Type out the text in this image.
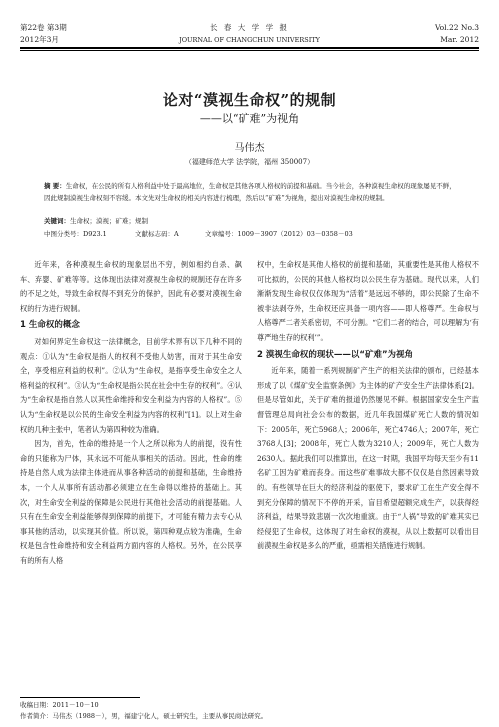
第22卷 第3期
2012年3月
长 春 大 学 学 报
JOURNAL OF CHANGCHUN UNIVERSITY
Vol.22 No.3
Mar. 2012
论对“漠视生命权”的规制
——以“矿难”为视角
马伟杰
（福建师范大学 法学院，福州 350007）
摘 要：生命权，在公民的所有人格利益中处于最高地位，生命权是其他各项人格权的前提和基础。当今社会，各种漠视生命权的现象屡见不鲜，因此规制漠视生命权刻不容缓。本文先对生命权的相关内容进行梳理，然后以“矿难”为视角，提出对漠视生命权的规制。
关键词：生命权；漠视；矿难；规制
中图分类号：D923.1	文献标志码：A	文章编号：1009－3907（2012）03－0358－03

近年来，各种漠视生命权的现象层出不穷，例如相约自杀、飙车、弃婴、矿难等等。这体现出法律对漠视生命权的规制还存在许多的不足之处，导致生命权得不到充分的保护，因此有必要对漠视生命权的行为进行规制。

1 生命权的概念

对如何界定生命权这一法律概念，目前学术界有以下几种不同的观点：①认为“生命权是指人的权利不受他人妨害，而对于其生命安全，享受相应利益的权利”。②认为“生命权，是指享受生命安全之人格利益的权利”。③认为“生命权是指公民在社会中生存的权利”。④认为“生命权是指自然人以其性命维持和安全利益为内容的人格权”。⑤认为“生命权是以公民的生命安全利益为内容的权利”[1]。以上对生命权的几种主张中，笔者认为第四种较为准确。

因为，首先，性命的维持是一个人之所以称为人的前提，没有性命的只能称为尸体，其永远不可能从事相关的活动。因此，性命的维持是自然人成为法律主体进而从事各种活动的前提和基础，生命维持本，一个人从事所有活动都必须建立在生命得以维持的基础上。其次，对生命安全利益的保障是公民进行其他社会活动的前提基础。人只有在生命安全利益能够得到保障的前提下，才可能有精力去专心从事其他的活动，以实现其价值。所以说，第四种观点较为准确，生命权是包含性命维持和安全利益两方面内容的人格权。另外，在公民享有的所有人格

权中，生命权是其他人格权的前提和基础，其重要性是其他人格权不可比拟的，公民的其他人格权均以公民生存为基础。现代以来，人们渐渐发现生命权仅仅体现为“活着”是远远不够的，即公民除了生命不被非法剥夺外，生命权还应具备一项内容——即人格尊严。生命权与人格尊严二者关系密切，不可分割。“它们二者的结合，可以理解为‘有尊严地生存的权利’”。

2 漠视生命权的现状——以“矿难”为视角

近年来，随着一系列规制矿产生产的相关法律的颁布，已经基本形成了以《煤矿安全监察条例》为主体的矿产安全生产法律体系[2]。但是尽管如此，关于矿难的报道仍然屡见不鲜。根据国家安全生产监督管理总局向社会公布的数据，近几年我国煤矿死亡人数的情况如下：2005年，死亡5968人；2006年，死亡4746人；2007年，死亡3768人[3]；2008年，死亡人数为3210人；2009年，死亡人数为2630人。据此我们可以推算出，在这一时期，我国平均每天至少有11名矿工因为矿难而丧身。而这些矿难事故大都不仅仅是自然因素导致的。有些领导在巨大的经济利益的驱使下，要求矿工在生产安全得不到充分保障的情况下不停的开采，盲目希望超额完成生产，以获得经济利益，结果导致悲剧一次次地重演。由于“人祸”导致的矿难其实已经侵犯了生命权，这体现了对生命权的漠视，从以上数据可以看出目前漠视生命权是多么的严重，亟需相关措施进行规制。

收稿日期：2011－10－10
作者简介：马伟杰（1988－），男，福建宁化人，硕士研究生，主要从事民商法研究。
